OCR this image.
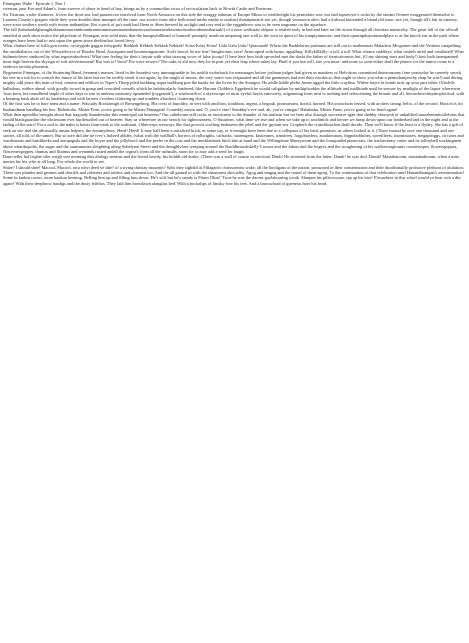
Finnegans Wake - Episode 1, Part 1

riverrun, past Eve and Adam's, from swerve of shore to bend of bay, brings us by a commodius vicus of recirculation back to Howth Castle and Environs.

Sir Tristram, violer d'amores, fr'over the short sea, had passencore rearrived from North Armorica on this side the scraggy isthmus of Europe Minor to wielderfight his penisolate war: nor had topsawyer's rocks by the stream Oconee exaggerated themselse to Laurens County's gorgios while they went doublin their mumper all the time: nor avoice from afire bellowsed mishe mishe to tauftauf thuartpeatrick not yet, though venissoon after, had a kidscad buttended a bland old isaac: not yet, though all's fair in vanessy, were sosie sesthers wroth with twone nathandjoe. Rot a peck of pa's malt had Jhem or Shen brewed by arclight and rory end to the regginbrow was to be seen ringsome on the aquaface.

The fall (bababadalgharaghtakamminarronnkonnbronntonnerronntuonnthunntrovarrhounawnskawntoohoohoordenenthurnuk!) of a once wallstrait oldparr is retaled early in bed and later on life down through all christian minstrelsy. The great fall of the offwall entailed at such short notice the pftjschute of Finnegan, erse solid man, that the humptyhillhead of humself prumptly sends an unquiring one well to the west in quest of his tumptytumtoes: and their upturnpikepointandplace is at the knock out in the park where oranges have been laid to rust upon the green since devlinsfirst loved livvy.

What clashes here of wills gen wonts, oystrygods gaggin fishygods! Brékkek Kékkek Kékkek Kékkek! Kóax Kóax Kóax! Ualu Ualu Ualu! Quaouauh! Where the Baddelaries partisans are still out to mathmaster Malachus Micgranes and the Verdons catapelting the camibalistics out of the Whoyteboyce of Hoodie Head. Assiegates and boomeringstroms. Sod's brood, be me fear! Sanglorians, save! Arms apeal with larms, appalling. Killykillkilly: a toll, a toll. What chance cuddleys, what cashels aired and ventilated! What bidimetoloves sinduced by what tegotetabsolvers! What true feeling for their's hayair with what strawng voice of false jiccup! O here here how hoth sprowled met the duskt the father of fornicationists but, (O my shining stars and body!) how hath fanespanned most high heaven the skysign of soft advertisement! But was iz? Iseut? Ere were sewers? The oaks of ald now they lie in peat yet elms leap where askes lay. Phall if you but will, rise you must: and none so soon either shall the pharce for the nunce come to a setdown secular phoenish.

Bygmester Finnegan, of the Stuttering Hand, freemen's maurer, lived in the broadest way immarginable in his rushlit toofarback for messuages before joshuan judges had given us numbers or Helviticus committed deuteronomy (one yeastyday he sternely struxk his tete in a tub for to watsch the future of his fates but ere he swiftly stook it out again, by the might of moses, the very water was eviparated and all the guenneses had met their exodus so that ought to show you what a pentschanjeuchy chap he was!) and during mighty odd years this man of hod, cement and edifices in Toper's Thorp piled buildung supra buildung pon the banks for the livers by the Soangso. He addle liddle phifie Annie ugged the little craythur. Wither hayre in honds tuck up your part inher. Oftwhile balbulous, mithre ahead, with goodly trowel in grasp and ivoroiled overalls which he habitacularly fondseed, like Haroun Childeric Eggeberth he would caligulate by multiplicables the alltitude and malltitude until he seesaw by neatlight of the liquor wheretwin 'twas born, his roundhead staple of other days to rise in undress maisonry upstanded (joygrantit!), a waalworth of a skyerscape of most eyeful hoyth entowerly, erigenating from next to nothing and celescalating the himals and all, hierarchitectitiptitoploftical, with a burning bush abob off its baubletop and with larrons o'toolers clittering up and tombles a'buckets clottering down.

Of the first was he to bare arms and a name: Wassaily Booslaeugh of Riesengeborg. His crest of huroldry, in vert with ancillars, troublant, argent, a hegoak, poursuivant, horrid, horned. His scutschum fessed, with archers strung, helio, of the second. Hootch is for husbandman handling his hoe. Hohohoho, Mister Finn, you're going to be Mister Finnagain! Comeday morm and, O, you're vine! Sendday's eve and, ah, you're vinegar! Hahahaha, Mister Funn, you're going to be fined again!

What then agentlike brought about that tragoady thundersday this municipal sin business? Our cubehouse still rocks as earwitness to the thunder of his arafatas but we hear also through successive ages that shebby choruysh of unkalified muzzlenimiissilehims that would blackguardise the whitestone ever hurtleturtled out of heaven. Stay us wherefore in our search for tighteousness, O Sustainer, what time we rise and when we take up to toothmick and before we lump down upon our leatherbed and in the night and at the fading of the stars! For a nod to the nabir is better than wink to the wabsanti. Otherways wesways like that provost scoffing bedoueen the jebel and the jpysian sea. Cropherb the crunchbracken shall decide. Then we'll know if the feast is a flyday. She has a gift of seek on site and she allcasually ansars helpers, the dreamydeary. Heed! Heed! It may half been a missfired brick, as some say, or it mought have been due to a collupsus of his back promises, as others looked at it. (There extand by now one thousand and one stories, all told, of the same). But so sore did abe ite ivvy's holired abbles, (what with the wallhall's horrors of rollsrights, carhacks, stonengens, kisstvanes, tramtrees, fargobawlers, autokinotons, hippohobbilies, streetfleets, tournintaxes, megaphoggs, circuses and wardsmoats and basilikerks and aeropagods and the hoyse and the jollybrool and the peeler in the coat and the mecklenburk bitch bite at hand and the Willingdone Museyroom and the fourgoaded pianocrats, the tracheotomy cutter and its lolltryball workingmen about wharthopolis, the sugar and the sunrummies sleighting along Subelyine Street and the desughlyfare weeping around the Bouldbriarshsbelly Crosses and the fakers and the bogeys and the stoughering of his wallveriraglounis countersspes, flowerspoppes, flowernexpoppes, thumas and flutinus and wynands rusted andall the regina's from all the ruthsulls, snort for to may add a seed for laugh.

Dann teller hal frighte siler soegh wee morning thes dialogy seemns and the hoved bawdy, his bolddt old duske. (There was a wall of course in erection) Dimb! He stottered from the latter. Damb! he was dud. Dumb! Mastabatoom, mastabadtomm, when a man mertes his hiz wife at all long. For whole the world to see.

Shize? I should shee! Macool, Macool, orra whyi deed ye diie? of a trying thirstay mournin? Sobs they sighdid at Fillagain's chrissormiss wake, all the hooligans of the nation, prostrated in their consternation and their duodisimally profusive plethora of ululation. There was plumbs and grumes and cheriffs and citherers and raiders and cinemen too. And the all gianed in with the shoutmost shoviality. Agog and magog and the round of them agrog. To the continuation of that celebration until Hanandhunigan's extermination! Some in kinkin corass, more kankan keening. Belling him up and filling him down. He's stiff but he's steady is Priam Olim! 'Twas he was the dacent gaylabouring youth. Sharpen his pillowscone, tap up his bier! E'erawhere in this whorl would ye hear sich a din again? With their deepbrow fundigs and the dusty fidelios. They laid him brawdawn alanglast bed. With a bockalips of finisky fore his feet. And a barrowload of guenesis hoer his head.
